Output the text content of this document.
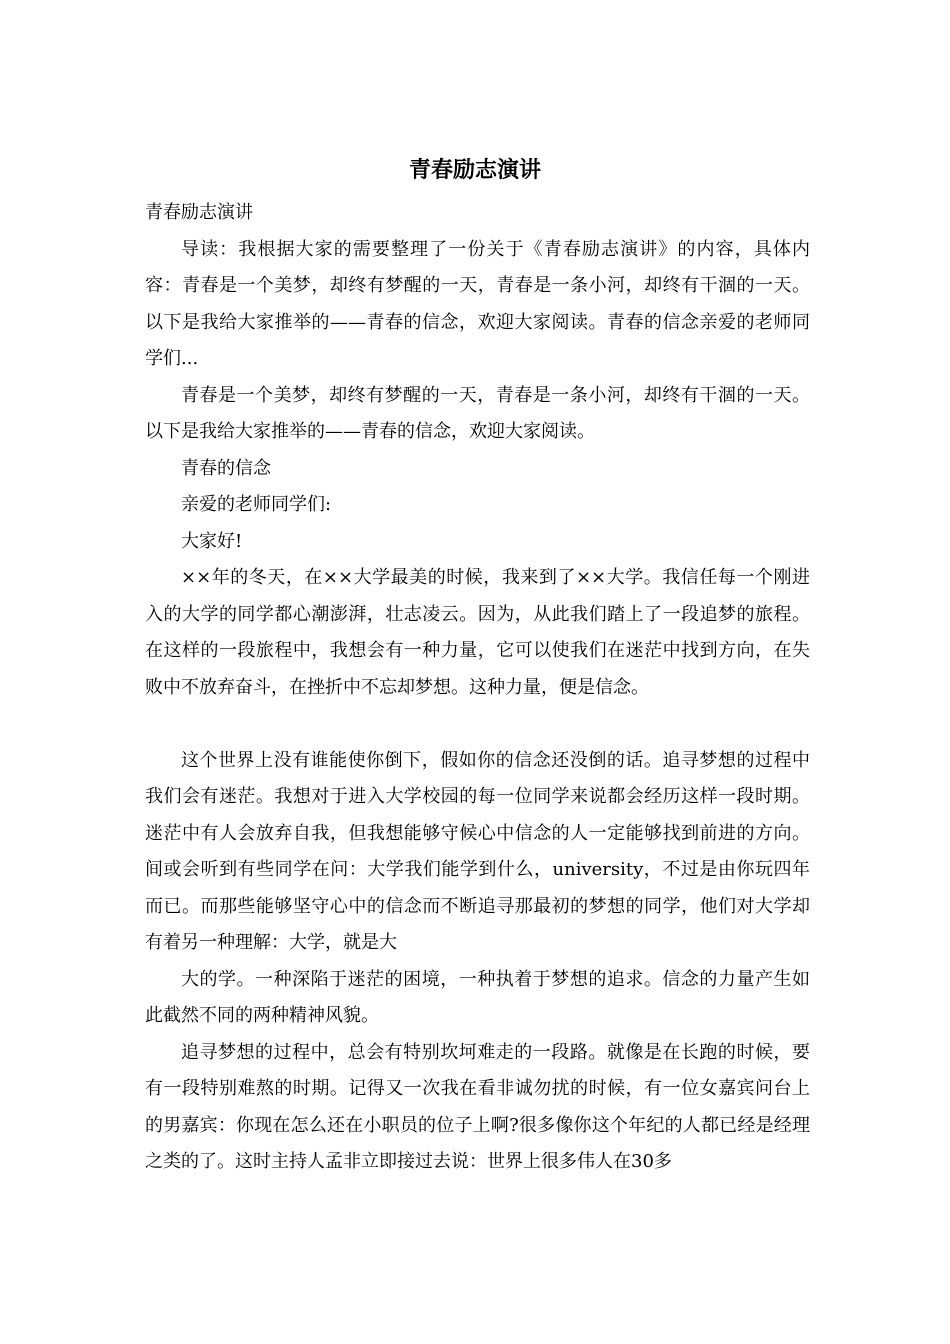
青春励志演讲

青春励志演讲

导读：我根据大家的需要整理了一份关于《青春励志演讲》的内容，具体内容：青春是一个美梦，却终有梦醒的一天，青春是一条小河，却终有干涸的一天。以下是我给大家推举的——青春的信念，欢迎大家阅读。青春的信念亲爱的老师同学们...

青春是一个美梦，却终有梦醒的一天，青春是一条小河，却终有干涸的一天。以下是我给大家推举的——青春的信念，欢迎大家阅读。

青春的信念

亲爱的老师同学们:

大家好!

××年的冬天，在××大学最美的时候，我来到了××大学。我信任每一个刚进入的大学的同学都心潮澎湃，壮志凌云。因为，从此我们踏上了一段追梦的旅程。在这样的一段旅程中，我想会有一种力量，它可以使我们在迷茫中找到方向，在失败中不放弃奋斗，在挫折中不忘却梦想。这种力量，便是信念。

这个世界上没有谁能使你倒下，假如你的信念还没倒的话。追寻梦想的过程中我们会有迷茫。我想对于进入大学校园的每一位同学来说都会经历这样一段时期。迷茫中有人会放弃自我，但我想能够守候心中信念的人一定能够找到前进的方向。间或会听到有些同学在问：大学我们能学到什么，university，不过是由你玩四年而已。而那些能够坚守心中的信念而不断追寻那最初的梦想的同学，他们对大学却有着另一种理解：大学，就是大

大的学。一种深陷于迷茫的困境，一种执着于梦想的追求。信念的力量产生如此截然不同的两种精神风貌。

追寻梦想的过程中，总会有特别坎坷难走的一段路。就像是在长跑的时候，要有一段特别难熬的时期。记得又一次我在看非诚勿扰的时候，有一位女嘉宾问台上的男嘉宾：你现在怎么还在小职员的位子上啊?很多像你这个年纪的人都已经是经理之类的了。这时主持人孟非立即接过去说：世界上很多伟人在30多
